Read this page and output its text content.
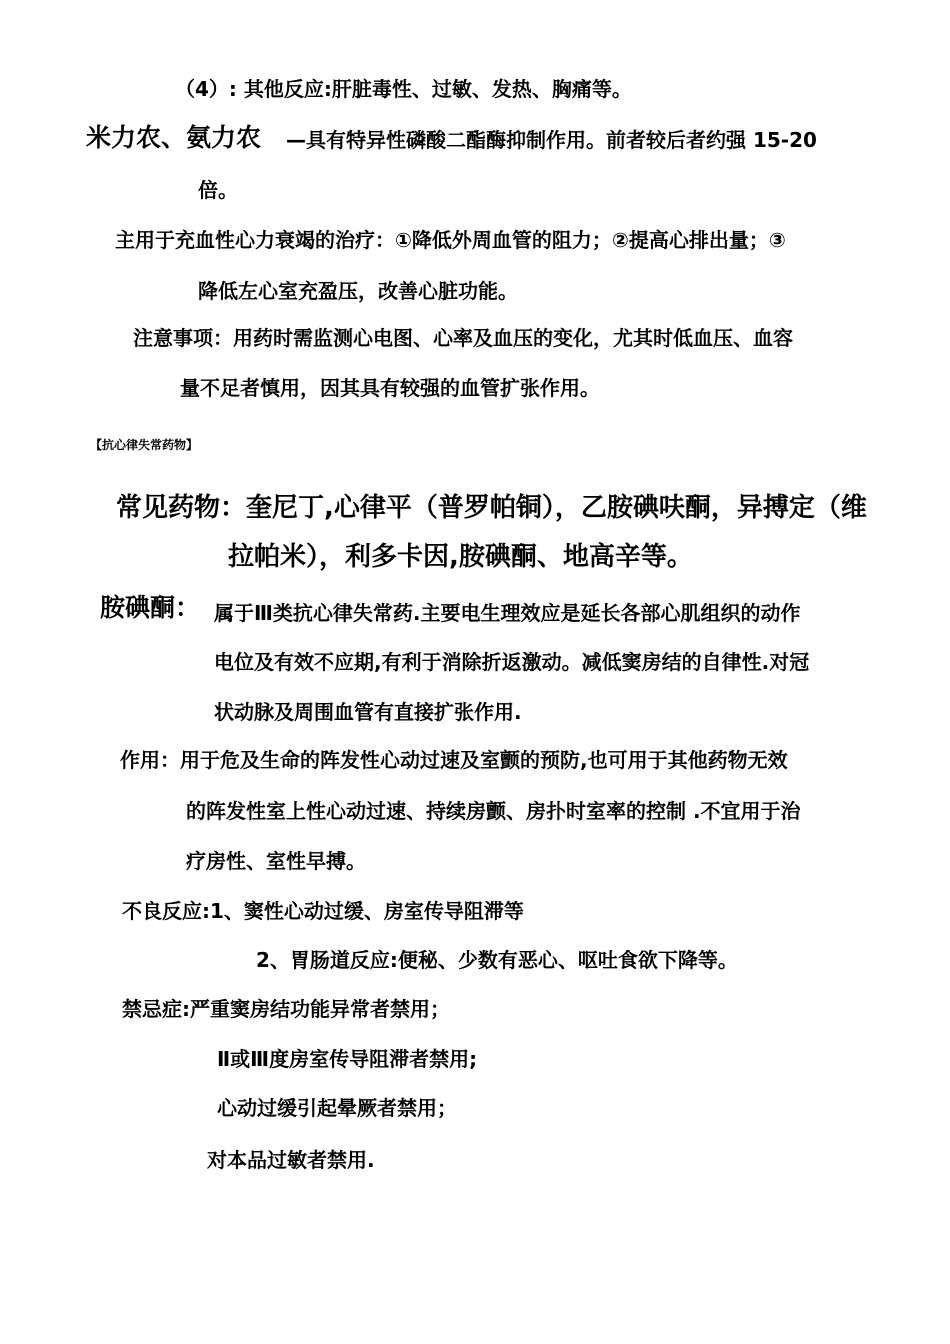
（4）: 其他反应:肝脏毒性、过敏、发热、胸痛等。
米力农、氨力农 —具有特异性磷酸二酯酶抑制作用。前者较后者约强 15-20
倍。
主用于充血性心力衰竭的治疗：①降低外周血管的阻力；②提高心排出量；③
降低左心室充盈压，改善心脏功能。
注意事项：用药时需监测心电图、心率及血压的变化，尤其时低血压、血容
量不足者慎用，因其具有较强的血管扩张作用。
【抗心律失常药物】
常见药物：奎尼丁,心律平（普罗帕铜），乙胺碘呋酮，异搏定（维
拉帕米），利多卡因,胺碘酮、地高辛等。
胺碘酮： 属于Ⅲ类抗心律失常药.主要电生理效应是延长各部心肌组织的动作
电位及有效不应期,有利于消除折返激动。减低窦房结的自律性.对冠
状动脉及周围血管有直接扩张作用.
作用：用于危及生命的阵发性心动过速及室颤的预防,也可用于其他药物无效
的阵发性室上性心动过速、持续房颤、房扑时室率的控制 .不宜用于治
疗房性、室性早搏。
不良反应:1、窦性心动过缓、房室传导阻滞等
2、胃肠道反应:便秘、少数有恶心、呕吐食欲下降等。
禁忌症:严重窦房结功能异常者禁用；
Ⅱ或Ⅲ度房室传导阻滞者禁用;
心动过缓引起晕厥者禁用；
对本品过敏者禁用.
